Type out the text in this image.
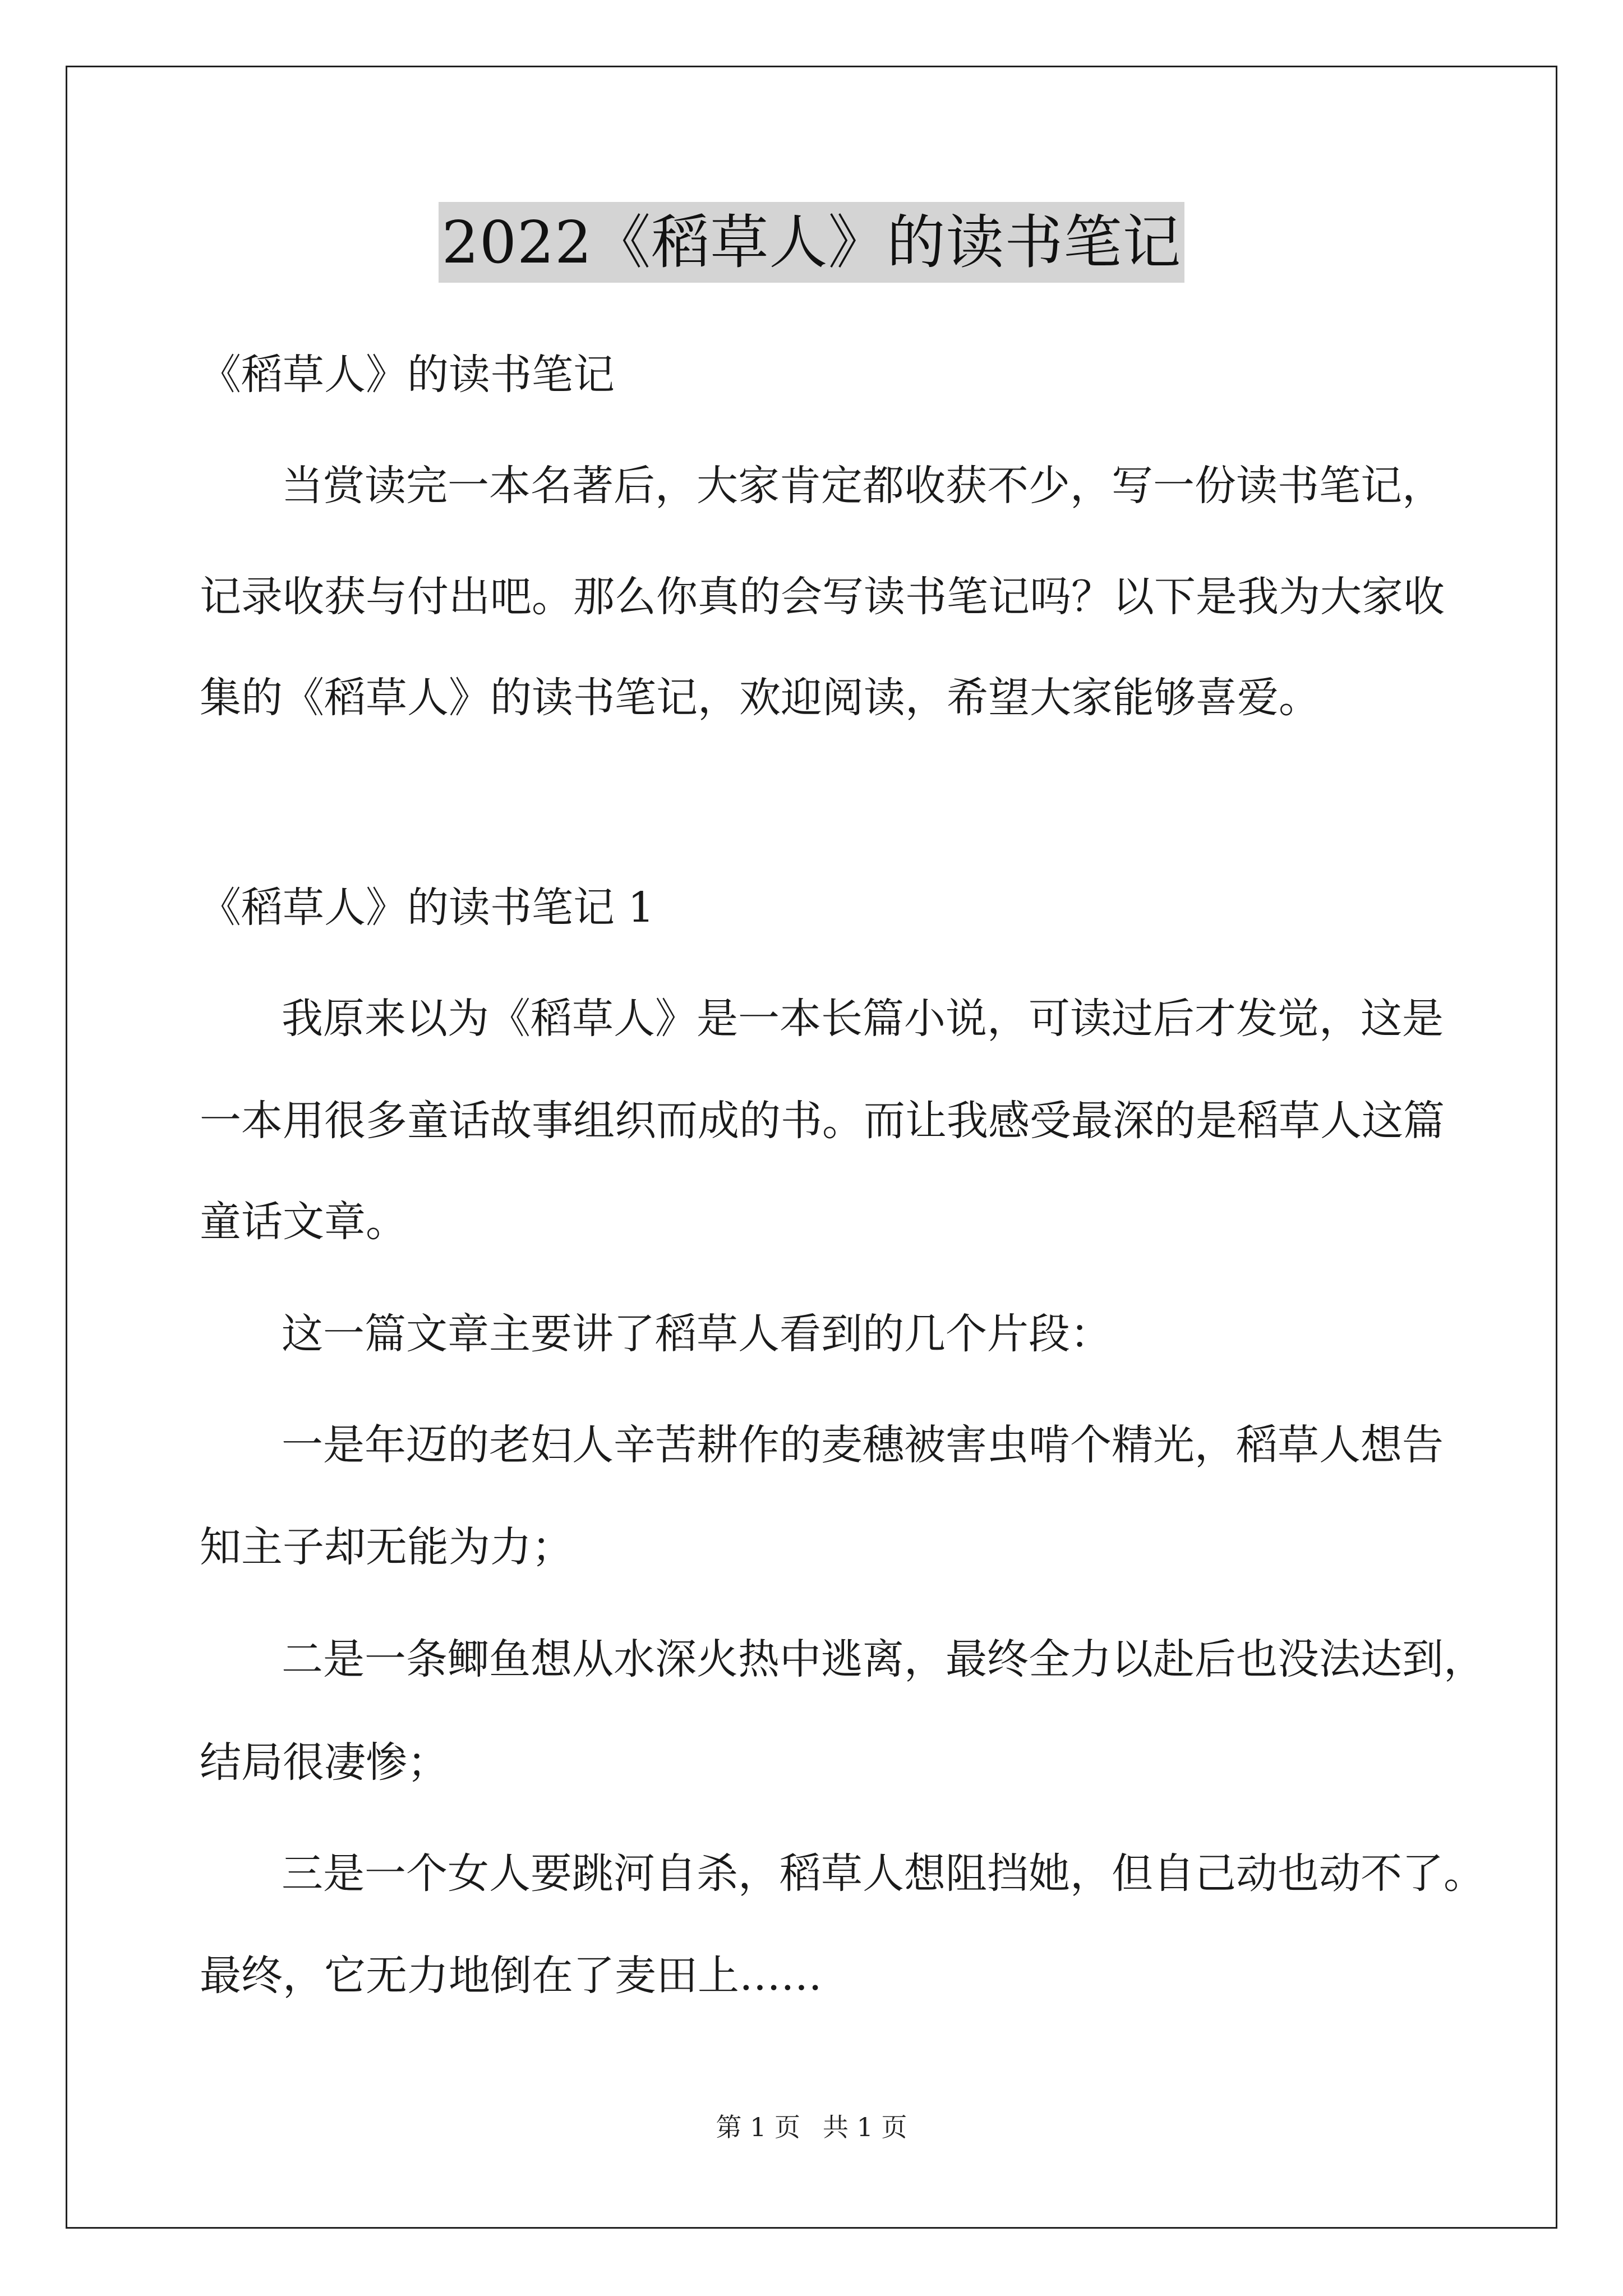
2022《稻草人》的读书笔记
《稻草人》的读书笔记
当赏读完一本名著后，大家肯定都收获不少，写一份读书笔记，
记录收获与付出吧。那么你真的会写读书笔记吗？以下是我为大家收
集的《稻草人》的读书笔记，欢迎阅读，希望大家能够喜爱。
《稻草人》的读书笔记 1
我原来以为《稻草人》是一本长篇小说，可读过后才发觉，这是
一本用很多童话故事组织而成的书。而让我感受最深的是稻草人这篇
童话文章。
这一篇文章主要讲了稻草人看到的几个片段：
一是年迈的老妇人辛苦耕作的麦穗被害虫啃个精光，稻草人想告
知主子却无能为力；
二是一条鲫鱼想从水深火热中逃离，最终全力以赴后也没法达到，
结局很凄惨；
三是一个女人要跳河自杀，稻草人想阻挡她，但自己动也动不了。
最终，它无力地倒在了麦田上……
第 1 页 共 1 页
